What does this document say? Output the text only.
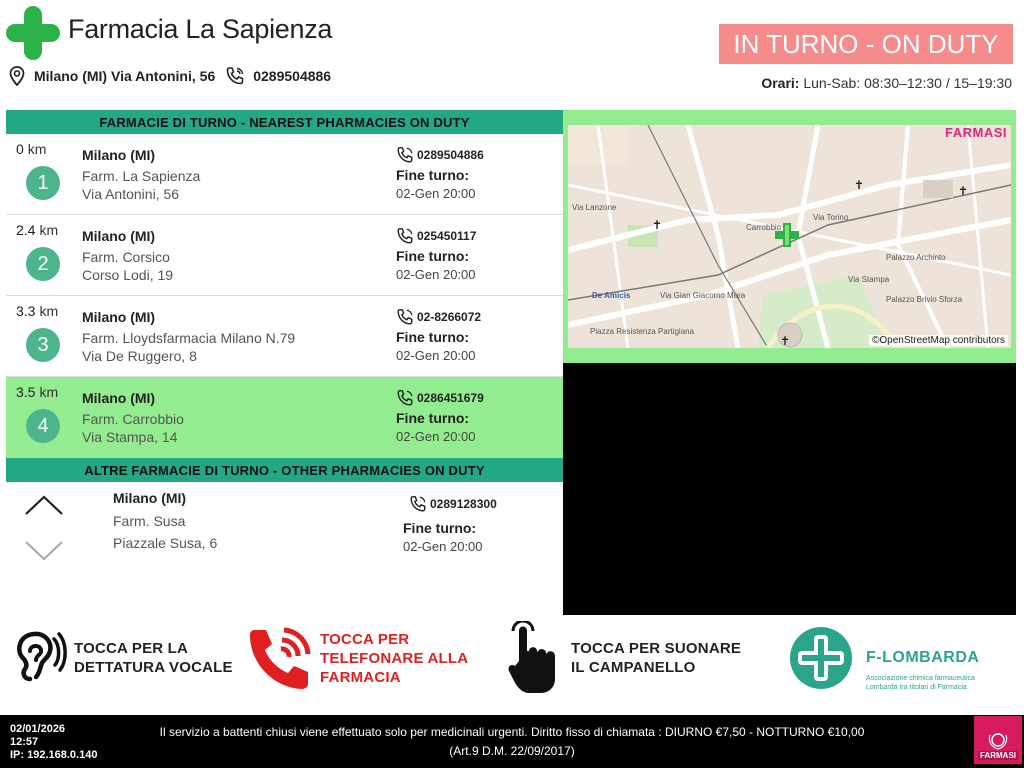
Farmacia La Sapienza
Milano (MI) Via Antonini, 56	0289504886
IN TURNO - ON DUTY
Orari: Lun-Sab: 08:30–12:30 / 15–19:30
FARMACIE DI TURNO - NEAREST PHARMACIES ON DUTY
0 km
1
Milano (MI)
Farm. La Sapienza
Via Antonini, 56
0289504886
Fine turno:
02-Gen 20:00
2.4 km
2
Milano (MI)
Farm. Corsico
Corso Lodi, 19
025450117
Fine turno:
02-Gen 20:00
3.3 km
3
Milano (MI)
Farm. Lloydsfarmacia Milano N.79
Via De Ruggero, 8
02-8266072
Fine turno:
02-Gen 20:00
3.5 km
4
Milano (MI)
Farm. Carrobbio
Via Stampa, 14
0286451679
Fine turno:
02-Gen 20:00
ALTRE FARMACIE DI TURNO - OTHER PHARMACIES ON DUTY
Milano (MI)
Farm. Susa
Piazzale Susa, 6
0289128300
Fine turno:
02-Gen 20:00
✝	✝
✝
✝
Carrobbio
De Amicis
Via Torino
Palazzo Archinto
Palazzo Brivio Sforza
Piazza Resistenza Partigiana
Via Lanzone
Via Gian Giacomo Mora
Via Stampa
FARMASI
©OpenStreetMap contributors
TOCCA PER LA DETTATURA VOCALE
TOCCA PER TELEFONARE ALLA FARMACIA
TOCCA PER SUONARE IL CAMPANELLO
F-LOMBARDA
Associazione chimica farmaceutica
Lombarda tra titolari di Farmacia
02/01/2026
12:57
IP: 192.168.0.140
Il servizio a battenti chiusi viene effettuato solo per medicinali urgenti. Diritto fisso di chiamata : DIURNO €7,50 - NOTTURNO €10,00 (Art.9 D.M. 22/09/2017)	FARMASI
